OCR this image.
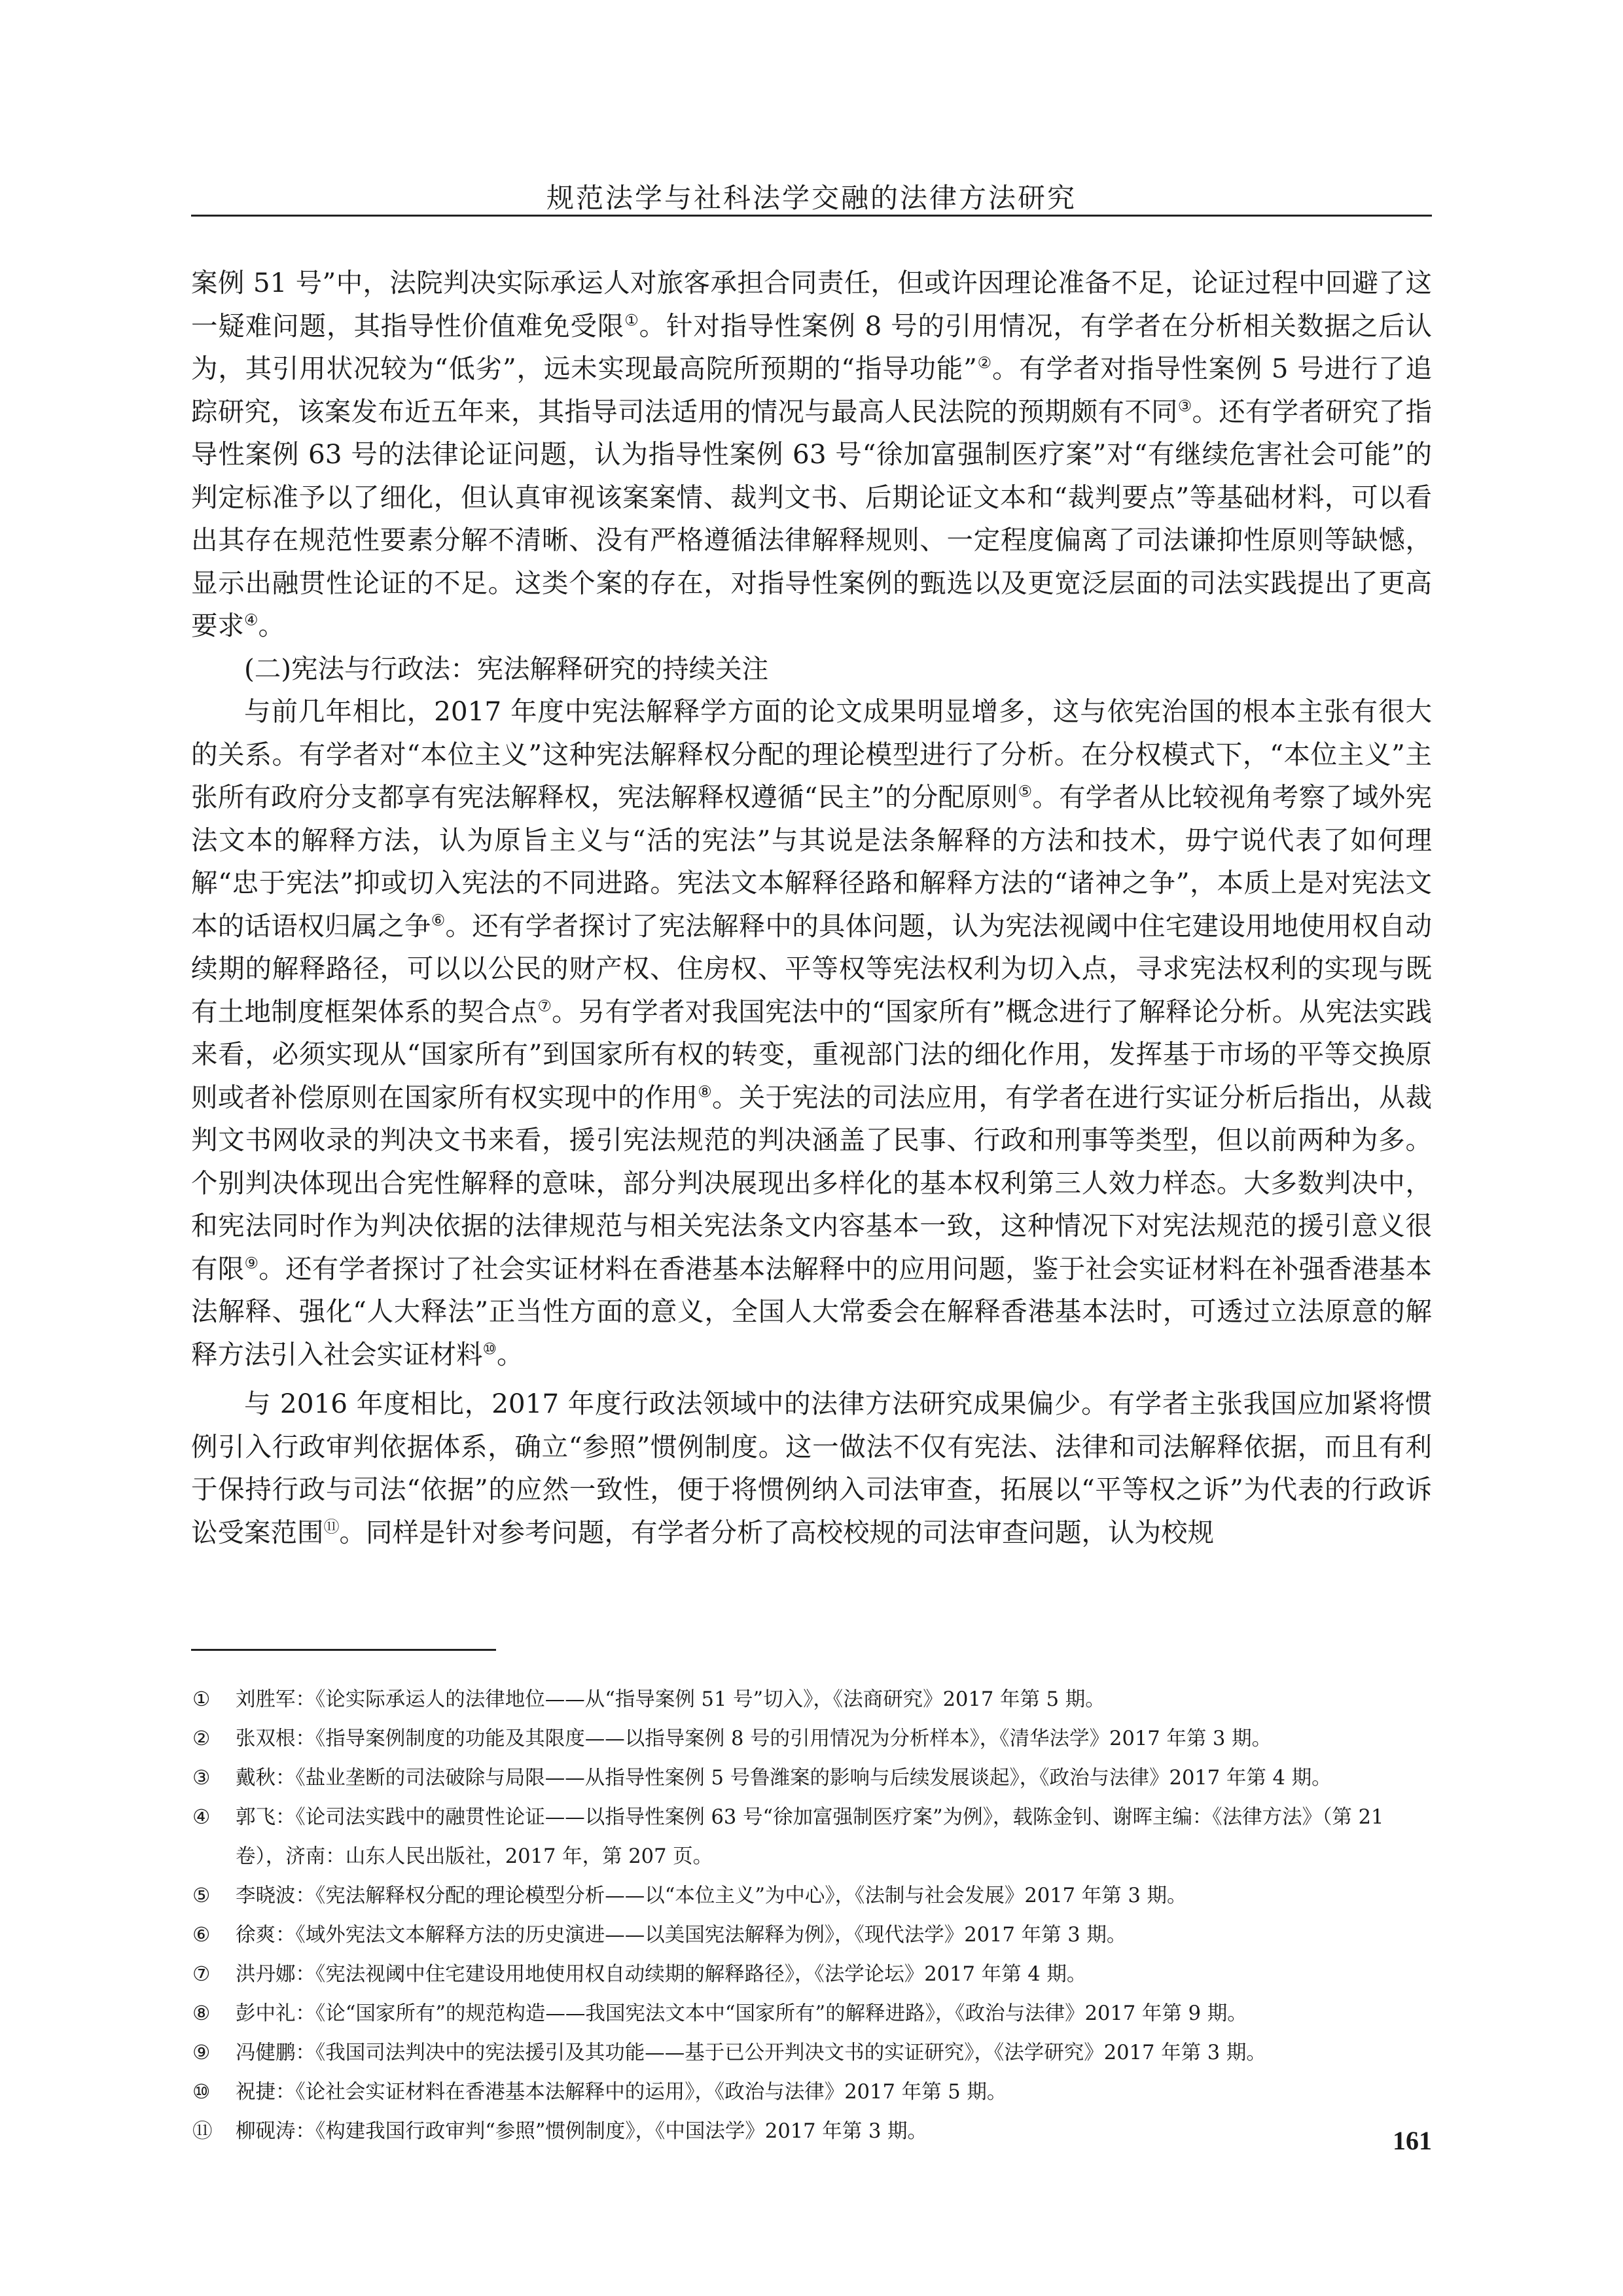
规范法学与社科法学交融的法律方法研究

案例 51 号”中，法院判决实际承运人对旅客承担合同责任，但或许因理论准备不足，论证过程中回避了这一疑难问题，其指导性价值难免受限①。针对指导性案例 8 号的引用情况，有学者在分析相关数据之后认为，其引用状况较为“低劣”，远未实现最高院所预期的“指导功能”②。有学者对指导性案例 5 号进行了追踪研究，该案发布近五年来，其指导司法适用的情况与最高人民法院的预期颇有不同③。还有学者研究了指导性案例 63 号的法律论证问题，认为指导性案例 63 号“徐加富强制医疗案”对“有继续危害社会可能”的判定标准予以了细化，但认真审视该案案情、裁判文书、后期论证文本和“裁判要点”等基础材料，可以看出其存在规范性要素分解不清晰、没有严格遵循法律解释规则、一定程度偏离了司法谦抑性原则等缺憾，显示出融贯性论证的不足。这类个案的存在，对指导性案例的甄选以及更宽泛层面的司法实践提出了更高要求④。

(二)宪法与行政法：宪法解释研究的持续关注

与前几年相比，2017 年度中宪法解释学方面的论文成果明显增多，这与依宪治国的根本主张有很大的关系。有学者对“本位主义”这种宪法解释权分配的理论模型进行了分析。在分权模式下，“本位主义”主张所有政府分支都享有宪法解释权，宪法解释权遵循“民主”的分配原则⑤。有学者从比较视角考察了域外宪法文本的解释方法，认为原旨主义与“活的宪法”与其说是法条解释的方法和技术，毋宁说代表了如何理解“忠于宪法”抑或切入宪法的不同进路。宪法文本解释径路和解释方法的“诸神之争”，本质上是对宪法文本的话语权归属之争⑥。还有学者探讨了宪法解释中的具体问题，认为宪法视阈中住宅建设用地使用权自动续期的解释路径，可以以公民的财产权、住房权、平等权等宪法权利为切入点，寻求宪法权利的实现与既有土地制度框架体系的契合点⑦。另有学者对我国宪法中的“国家所有”概念进行了解释论分析。从宪法实践来看，必须实现从“国家所有”到国家所有权的转变，重视部门法的细化作用，发挥基于市场的平等交换原则或者补偿原则在国家所有权实现中的作用⑧。关于宪法的司法应用，有学者在进行实证分析后指出，从裁判文书网收录的判决文书来看，援引宪法规范的判决涵盖了民事、行政和刑事等类型，但以前两种为多。个别判决体现出合宪性解释的意味，部分判决展现出多样化的基本权利第三人效力样态。大多数判决中，和宪法同时作为判决依据的法律规范与相关宪法条文内容基本一致，这种情况下对宪法规范的援引意义很有限⑨。还有学者探讨了社会实证材料在香港基本法解释中的应用问题，鉴于社会实证材料在补强香港基本法解释、强化“人大释法”正当性方面的意义，全国人大常委会在解释香港基本法时，可透过立法原意的解释方法引入社会实证材料⑩。

与 2016 年度相比，2017 年度行政法领域中的法律方法研究成果偏少。有学者主张我国应加紧将惯例引入行政审判依据体系，确立“参照”惯例制度。这一做法不仅有宪法、法律和司法解释依据，而且有利于保持行政与司法“依据”的应然一致性，便于将惯例纳入司法审查，拓展以“平等权之诉”为代表的行政诉讼受案范围⑪。同样是针对参考问题，有学者分析了高校校规的司法审查问题，认为校规

①	刘胜军：《论实际承运人的法律地位——从“指导案例 51 号”切入》，《法商研究》2017 年第 5 期。
②	张双根：《指导案例制度的功能及其限度——以指导案例 8 号的引用情况为分析样本》，《清华法学》2017 年第 3 期。
③	戴秋：《盐业垄断的司法破除与局限——从指导性案例 5 号鲁潍案的影响与后续发展谈起》，《政治与法律》2017 年第 4 期。
④	郭飞：《论司法实践中的融贯性论证——以指导性案例 63 号“徐加富强制医疗案”为例》，载陈金钊、谢晖主编：《法律方法》（第 21 卷），济南：山东人民出版社，2017 年，第 207 页。
⑤	李晓波：《宪法解释权分配的理论模型分析——以“本位主义”为中心》，《法制与社会发展》2017 年第 3 期。
⑥	徐爽：《域外宪法文本解释方法的历史演进——以美国宪法解释为例》，《现代法学》2017 年第 3 期。
⑦	洪丹娜：《宪法视阈中住宅建设用地使用权自动续期的解释路径》，《法学论坛》2017 年第 4 期。
⑧	彭中礼：《论“国家所有”的规范构造——我国宪法文本中“国家所有”的解释进路》，《政治与法律》2017 年第 9 期。
⑨	冯健鹏：《我国司法判决中的宪法援引及其功能——基于已公开判决文书的实证研究》，《法学研究》2017 年第 3 期。
⑩	祝捷：《论社会实证材料在香港基本法解释中的运用》，《政治与法律》2017 年第 5 期。
⑪	柳砚涛：《构建我国行政审判“参照”惯例制度》，《中国法学》2017 年第 3 期。	161
